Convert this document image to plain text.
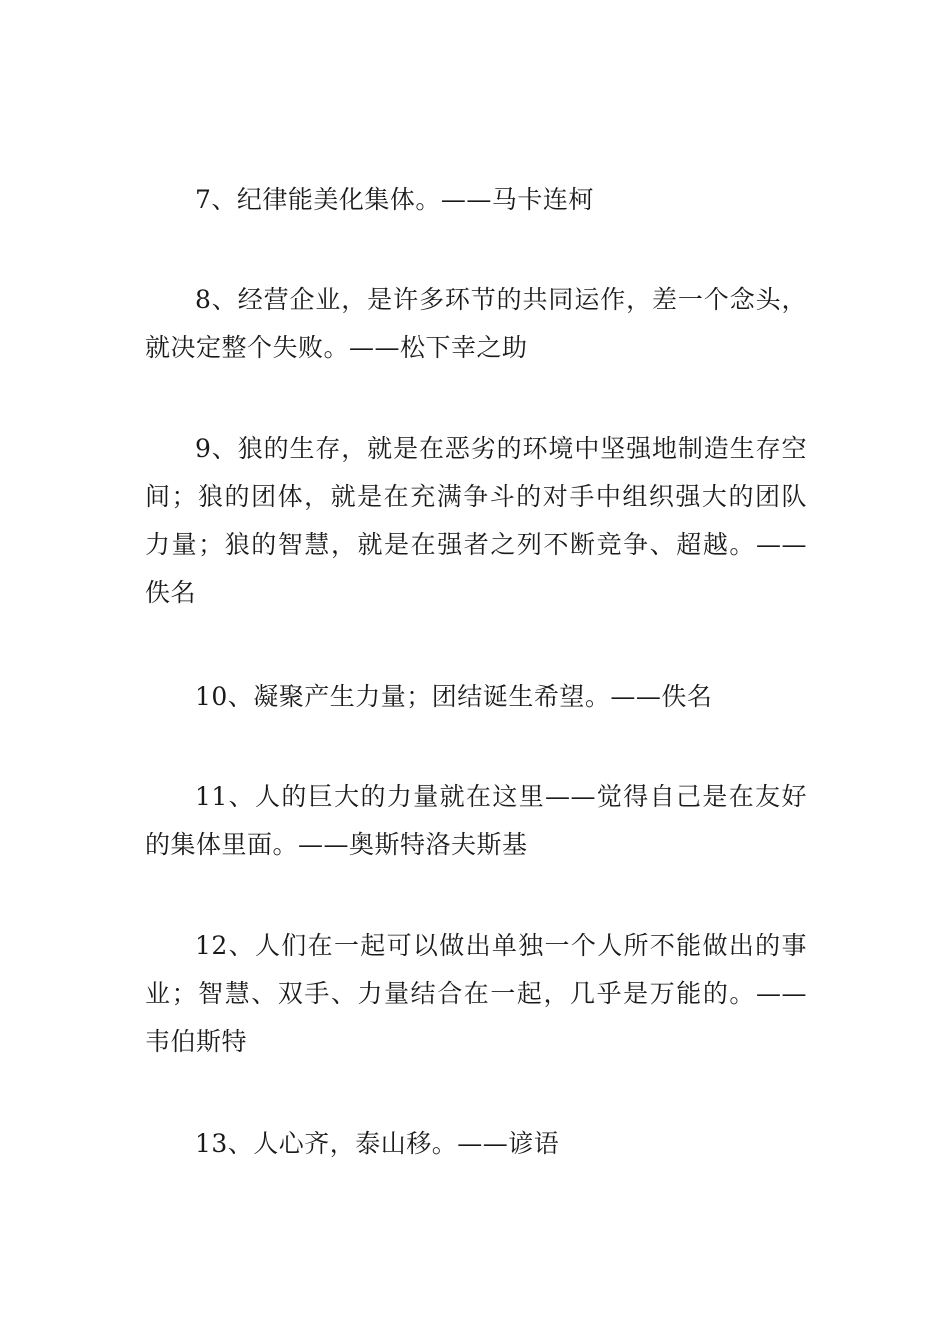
7、纪律能美化集体。——马卡连柯

8、经营企业，是许多环节的共同运作，差一个念头，就决定整个失败。——松下幸之助

9、狼的生存，就是在恶劣的环境中坚强地制造生存空间；狼的团体，就是在充满争斗的对手中组织强大的团队力量；狼的智慧，就是在强者之列不断竞争、超越。——佚名

10、凝聚产生力量；团结诞生希望。——佚名

11、人的巨大的力量就在这里——觉得自己是在友好的集体里面。——奥斯特洛夫斯基

12、人们在一起可以做出单独一个人所不能做出的事业；智慧、双手、力量结合在一起，几乎是万能的。——韦伯斯特

13、人心齐，泰山移。——谚语
